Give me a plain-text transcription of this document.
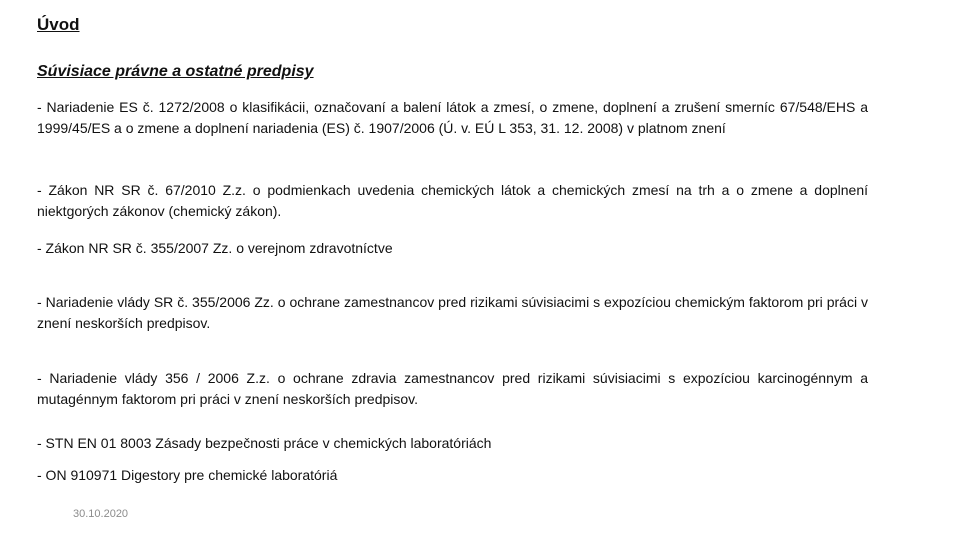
Úvod
Súvisiace právne a ostatné predpisy
- Nariadenie ES č. 1272/2008 o klasifikácii, označovaní a balení látok a zmesí, o zmene, doplnení a zrušení smerníc 67/548/EHS a 1999/45/ES a o zmene a doplnení nariadenia (ES) č. 1907/2006 (Ú. v. EÚ L 353, 31. 12. 2008) v platnom znení
- Zákon NR SR č. 67/2010 Z.z. o podmienkach uvedenia chemických látok a chemických zmesí na trh a o zmene a doplnení niektgorých zákonov (chemický zákon).
- Zákon NR SR č. 355/2007 Zz. o verejnom zdravotníctve
- Nariadenie vlády SR č. 355/2006 Zz. o ochrane zamestnancov pred rizikami súvisiacimi s expozíciou chemickým faktorom pri práci v znení neskorších predpisov.
- Nariadenie vlády 356 / 2006 Z.z. o ochrane zdravia zamestnancov pred rizikami súvisiacimi s expozíciou karcinogénnym a mutagénnym faktorom pri práci v znení neskorších predpisov.
- STN EN 01 8003 Zásady bezpečnosti práce v chemických laboratóriách
- ON 910971 Digestory pre chemické laboratóriá
30.10.2020
